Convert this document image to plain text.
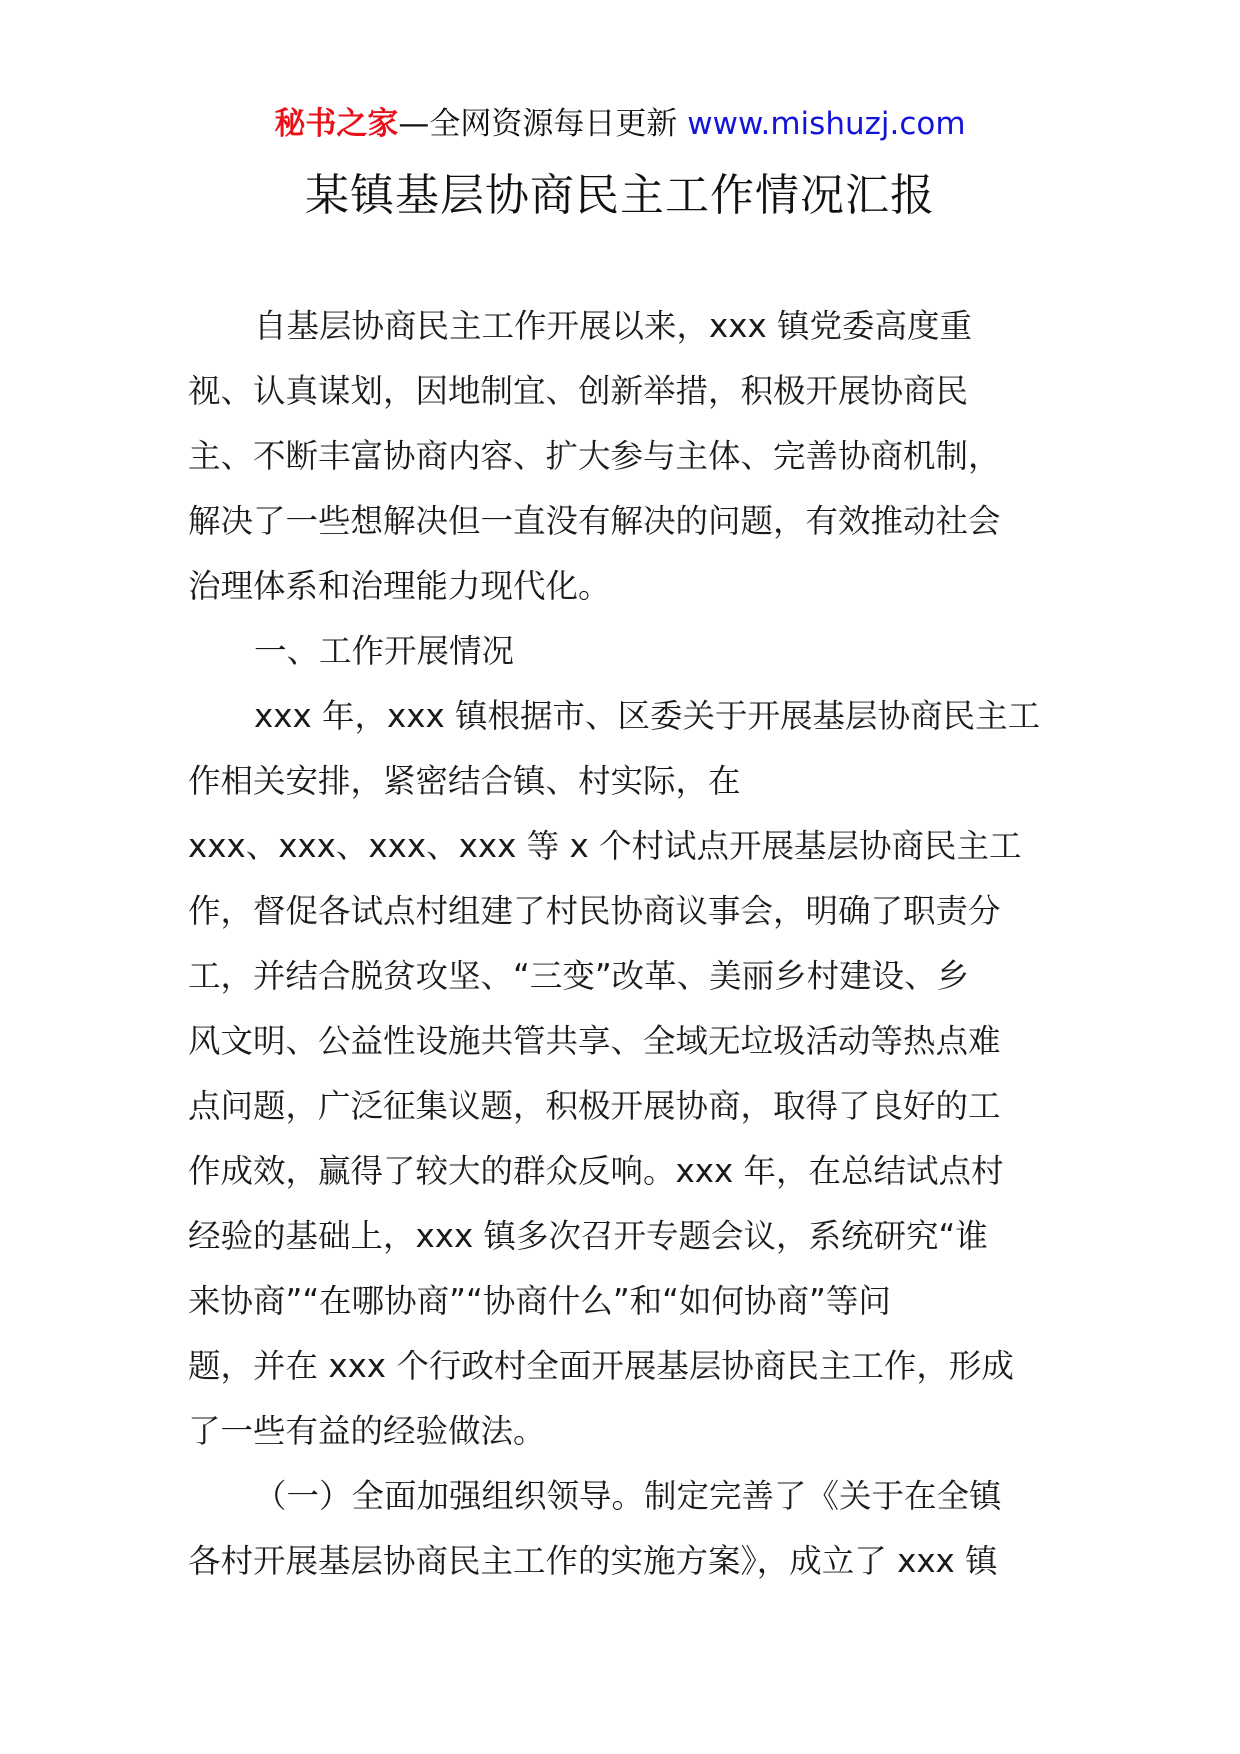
秘书之家—全网资源每日更新 www.mishuzj.com
某镇基层协商民主工作情况汇报
自基层协商民主工作开展以来，xxx 镇党委高度重
视、认真谋划，因地制宜、创新举措，积极开展协商民
主、不断丰富协商内容、扩大参与主体、完善协商机制，
解决了一些想解决但一直没有解决的问题，有效推动社会
治理体系和治理能力现代化。
一、工作开展情况
xxx 年，xxx 镇根据市、区委关于开展基层协商民主工
作相关安排，紧密结合镇、村实际，在
xxx、xxx、xxx、xxx 等 x 个村试点开展基层协商民主工
作，督促各试点村组建了村民协商议事会，明确了职责分
工，并结合脱贫攻坚、“三变”改革、美丽乡村建设、乡
风文明、公益性设施共管共享、全域无垃圾活动等热点难
点问题，广泛征集议题，积极开展协商，取得了良好的工
作成效，赢得了较大的群众反响。xxx 年，在总结试点村
经验的基础上，xxx 镇多次召开专题会议，系统研究“谁
来协商”“在哪协商”“协商什么”和“如何协商”等问
题，并在 xxx 个行政村全面开展基层协商民主工作，形成
了一些有益的经验做法。
（一）全面加强组织领导。制定完善了《关于在全镇
各村开展基层协商民主工作的实施方案》，成立了 xxx 镇
